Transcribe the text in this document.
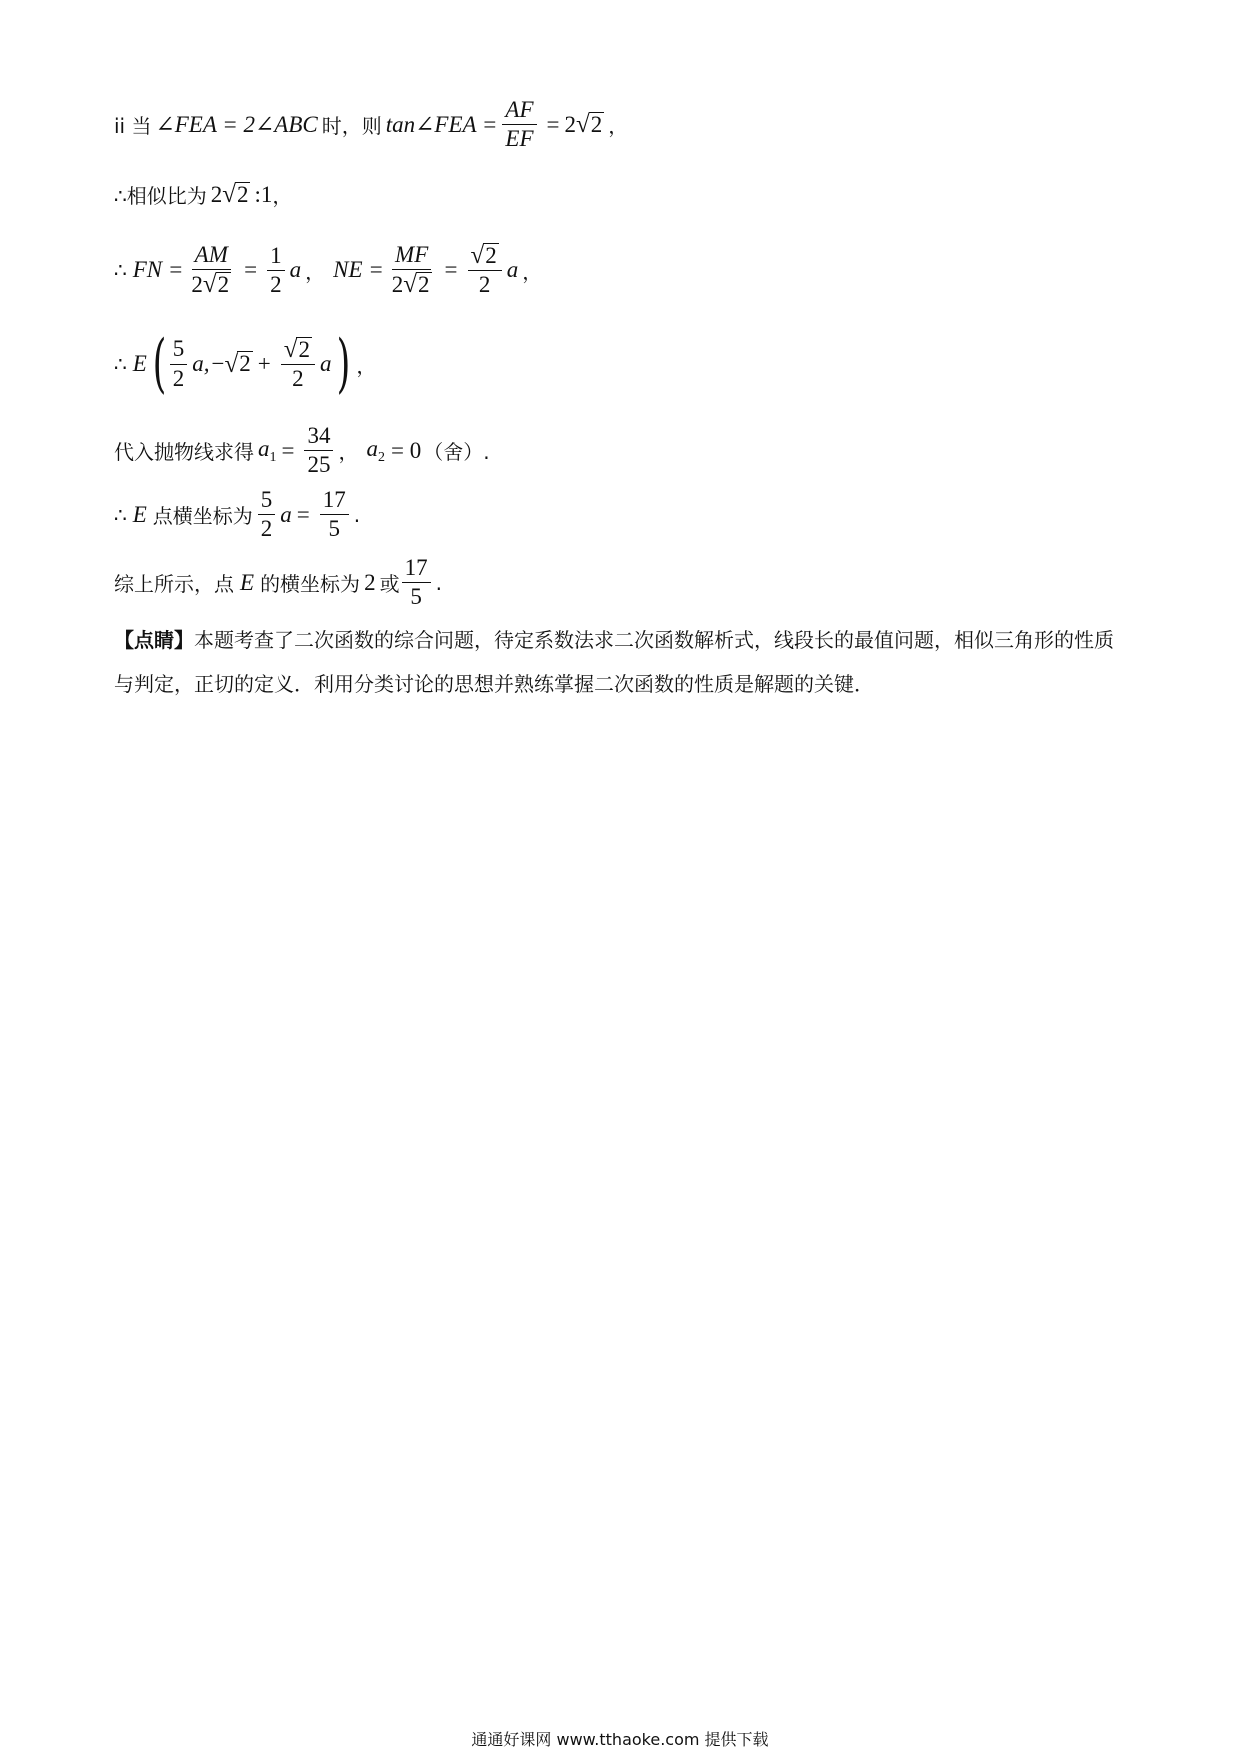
ii 当 ∠FEA = 2∠ABC 时，则 tan∠FEA = $\frac{AF}{EF} = 2$ √ 2 ，
∴相似比为 2 √ 2 :1 ，
∴ FN = $\frac{AM}{2 √ 2} = \frac{1}{2}$ a ， NE = $\frac{MF}{2 √ 2} = \frac{√ 2}{2}$ a ，
∴ E ( $\frac{5}{2} a$, − √ $2 + \frac{√ 2}{2}$ a ) ，
代入抛物线求得 $a_1 = \frac{34}{25}$ ， $a_2 = 0$ （舍）.
∴ E 点横坐标为 $\frac{5}{2}$ $a = \frac{17}{5}$ .
综上所示，点 E 的横坐标为 2 或 $\frac{17}{5}$ .
【点睛】本题考查了二次函数的综合问题，待定系数法求二次函数解析式，线段长的最值问题，相似三角形的性质与判定，正切的定义．利用分类讨论的思想并熟练掌握二次函数的性质是解题的关键．
通通好课网 www.tthaoke.com 提供下载
